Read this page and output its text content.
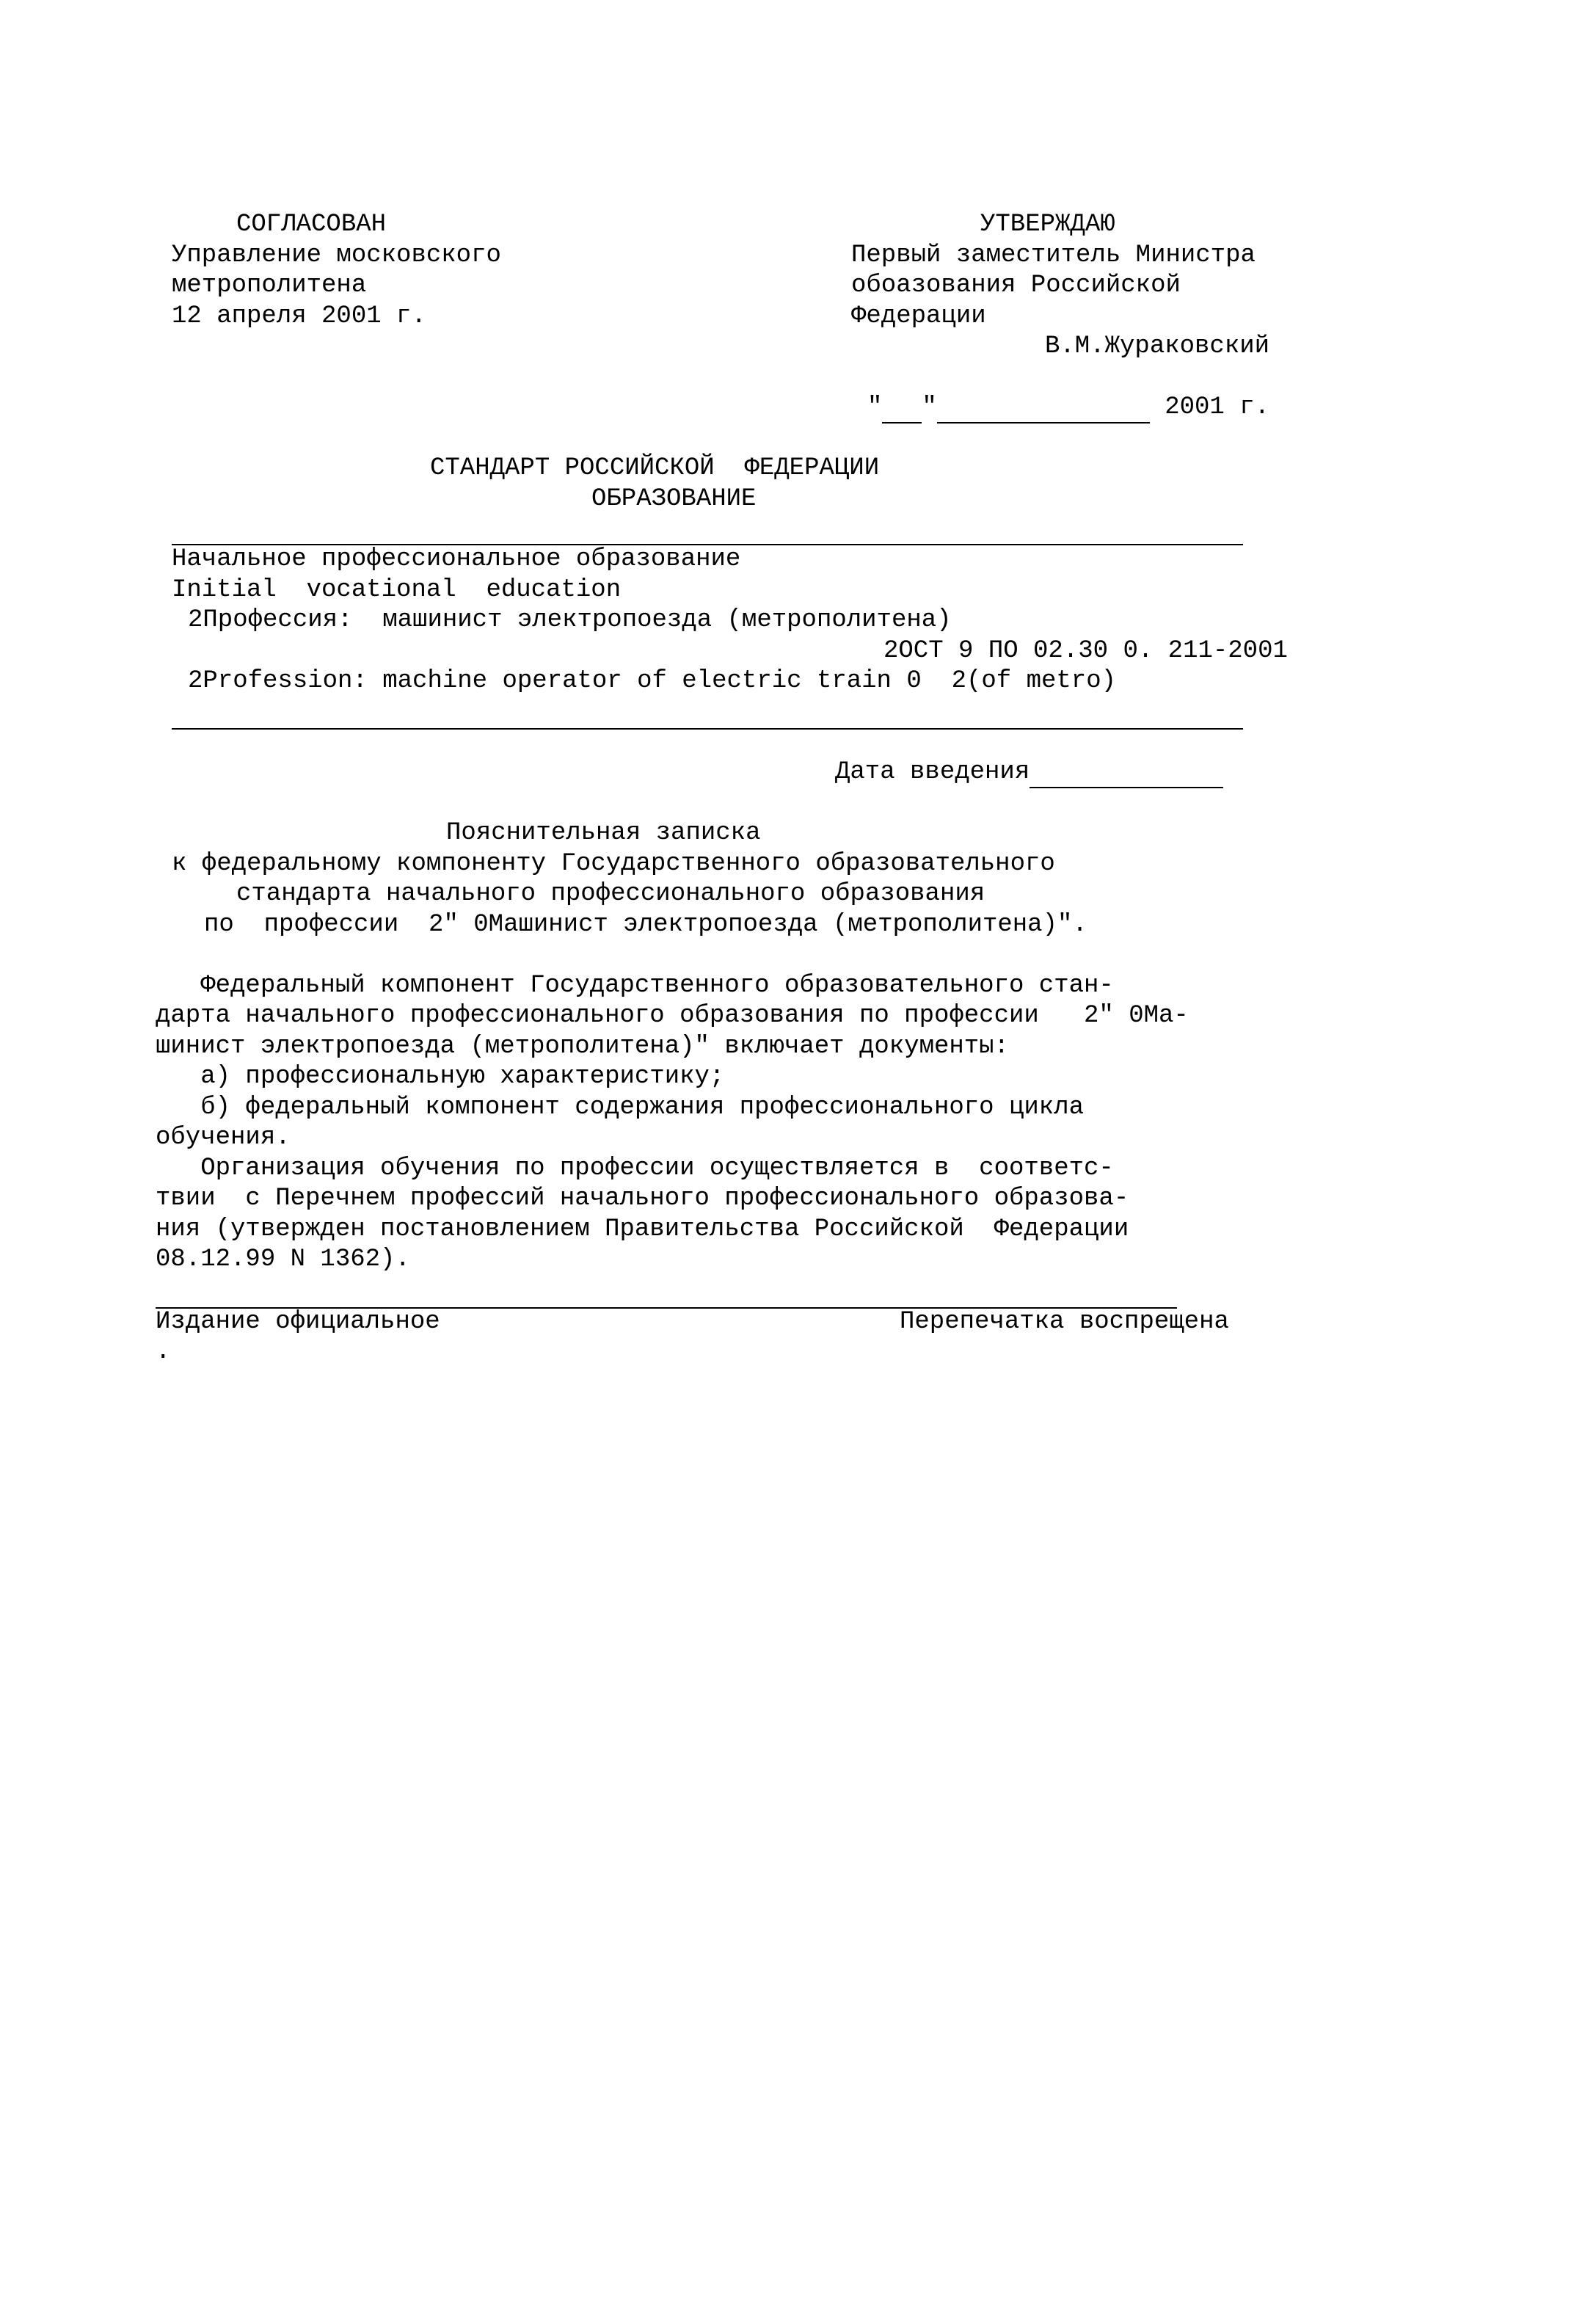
СОГЛАСОВАН
Управление московского
метрополитена
12 апреля 2001 г.
УТВЕРЖДАЮ
Первый заместитель Министра
обоазования Российской
Федерации
В.М.Жураковский
" "	2001 г.
СТАНДАРТ РОССИЙСКОЙ  ФЕДЕРАЦИИ
ОБРАЗОВАНИЕ
Начальное профессиональное образование
Initial  vocational  education
2Профессия:  машинист электропоезда (метрополитена)
2ОСТ 9 ПО 02.30 0. 211-2001
2Profession: machine operator of electric train 0  2(of metro)
Дата введения
Пояснительная записка
к федеральному компоненту Государственного образовательного
стандарта начального профессионального образования
по  профессии  2" 0Машинист электропоезда (метрополитена)".
Федеральный компонент Государственного образовательного стан-
дарта начального профессионального образования по профессии   2" 0Ма-
шинист электропоезда (метрополитена)" включает документы:
а) профессиональную характеристику;
б) федеральный компонент содержания профессионального цикла
обучения.
Организация обучения по профессии осуществляется в  соответс-
твии  с Перечнем профессий начального профессионального образова-
ния (утвержден постановлением Правительства Российской  Федерации
08.12.99 N 1362).
Издание официальное	Перепечатка воспрещена
.
